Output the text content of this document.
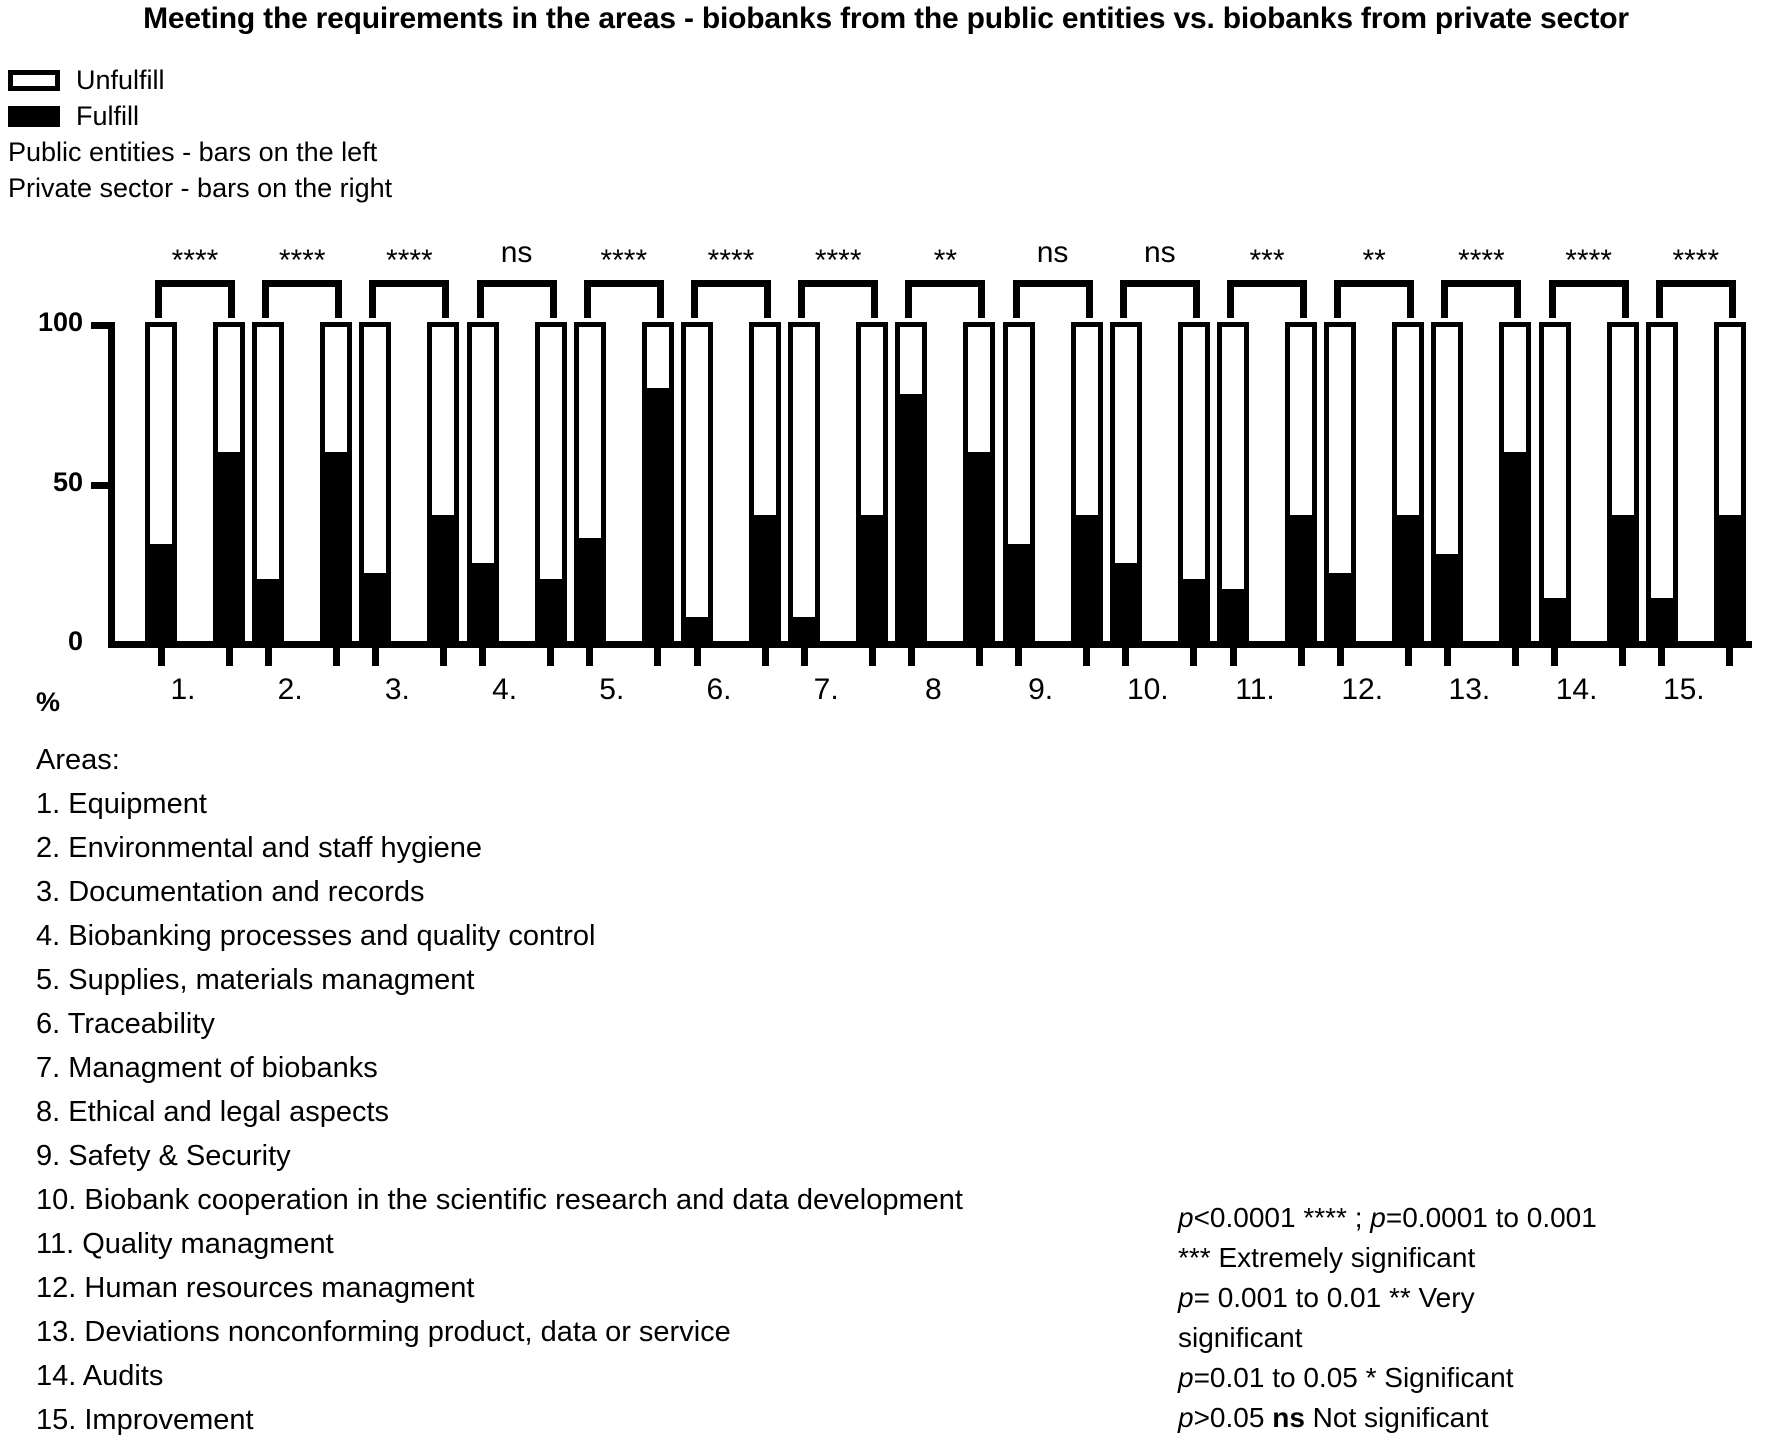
Meeting the requirements in the areas - biobanks from the public entities vs. biobanks from private sector
Unfulfill
Fulfill
Public entities - bars on the left
Private sector - bars on the right
%
0
50
100
1.
****
2.
****
3.
****
4.
ns
5.
****
6.
****
7.
****
8
**
9.
ns
10.
ns
11.
***
12.
**
13.
****
14.
****
15.
****
Areas:
1. Equipment
2. Environmental and staff hygiene
3. Documentation and records
4. Biobanking processes and quality control
5. Supplies, materials managment
6. Traceability
7. Managment of biobanks
8. Ethical and legal aspects
9. Safety & Security
10. Biobank cooperation in the scientific research and data development
11. Quality managment
12. Human resources managment
13. Deviations nonconforming product, data or service
14. Audits
15. Improvement
p<0.0001 **** ; p=0.0001 to 0.001
*** Extremely significant
p= 0.001 to 0.01 ** Very
significant
p=0.01 to 0.05 * Significant
p>0.05 ns Not significant
